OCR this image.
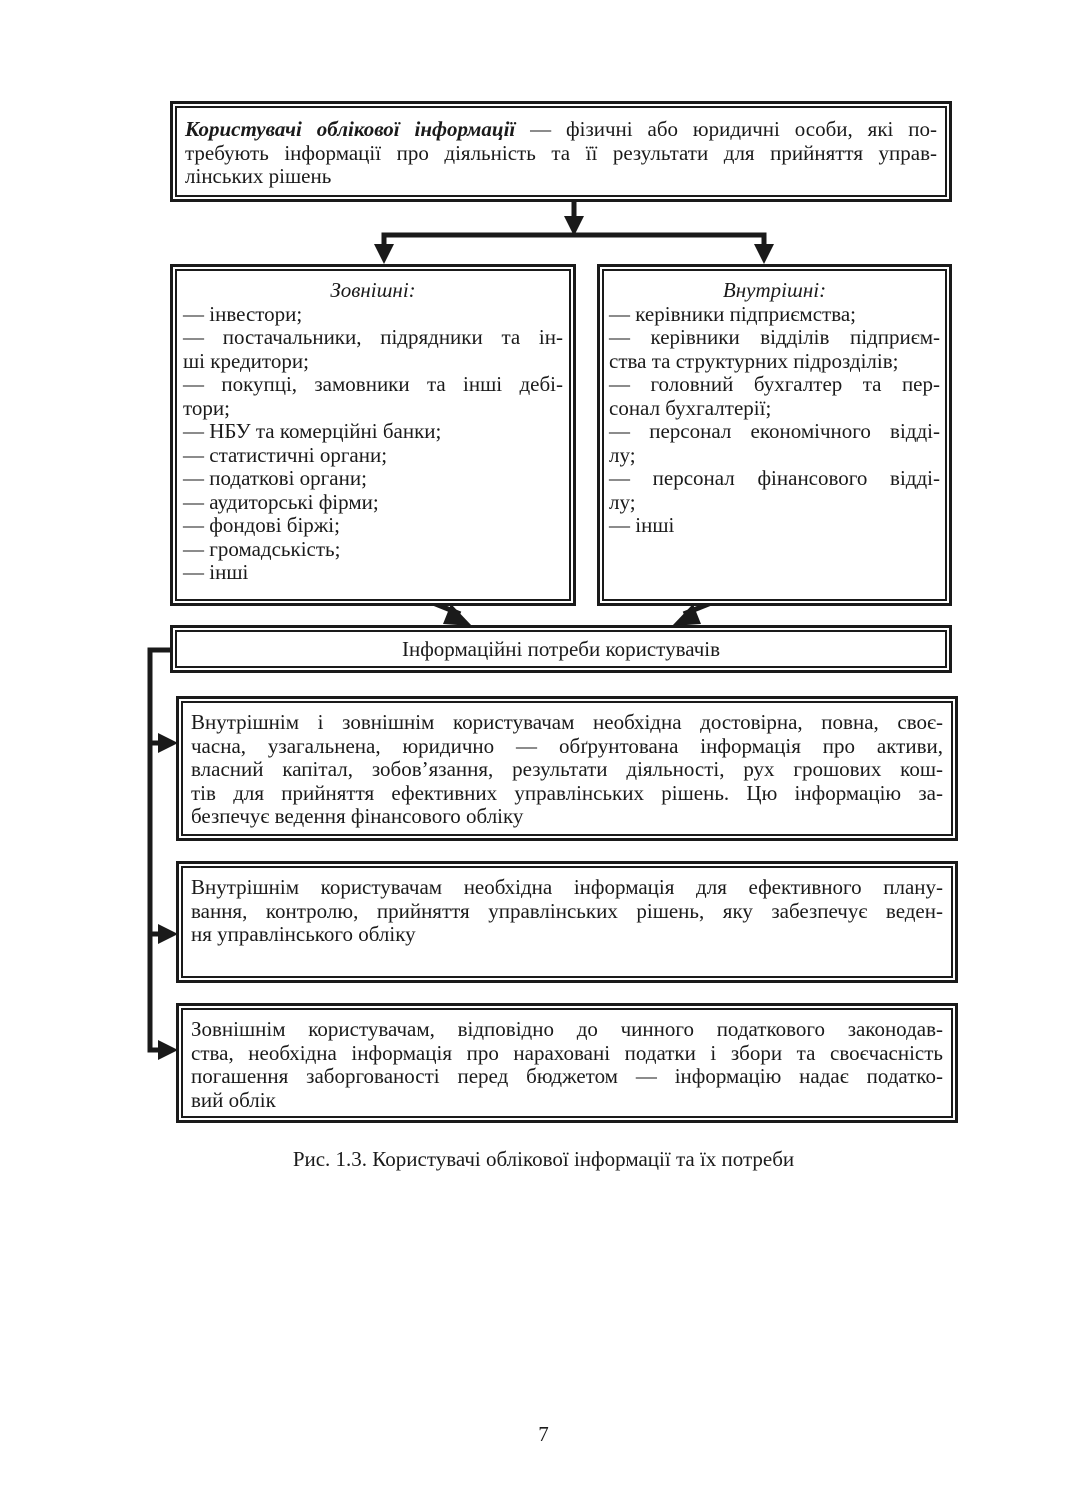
Користувачі облікової інформації — фізичні або юридичні особи, які по-
требують інформації про діяльність та її результати для прийняття управ-
лінських рішень
Зовнішні:
— інвестори;
— постачальники, підрядники та ін-
ші кредитори;
— покупці, замовники та інші дебі-
тори;
— НБУ та комерційні банки;
— статистичні органи;
— податкові органи;
— аудиторські фірми;
— фондові біржі;
— громадськість;
— інші
Внутрішні:
— керівники підприємства;
— керівники відділів підприєм-
ства та структурних підрозділів;
— головний бухгалтер та пер-
сонал бухгалтерії;
— персонал економічного відді-
лу;
— персонал фінансового відді-
лу;
— інші
Інформаційні потреби користувачів
Внутрішнім і зовнішнім користувачам необхідна достовірна, повна, своє-
часна, узагальнена, юридично — обґрунтована інформація про активи,
власний капітал, зобов’язання, результати діяльності, рух грошових кош-
тів для прийняття ефективних управлінських рішень. Цю інформацію за-
безпечує ведення фінансового обліку
Внутрішнім користувачам необхідна інформація для ефективного плану-
вання, контролю, прийняття управлінських рішень, яку забезпечує веден-
ня управлінського обліку
Зовнішнім користувачам, відповідно до чинного податкового законодав-
ства, необхідна інформація про нараховані податки і збори та своєчасність
погашення заборгованості перед бюджетом — інформацію надає податко-
вий облік
Рис. 1.3. Користувачі облікової інформації та їх потреби
7
